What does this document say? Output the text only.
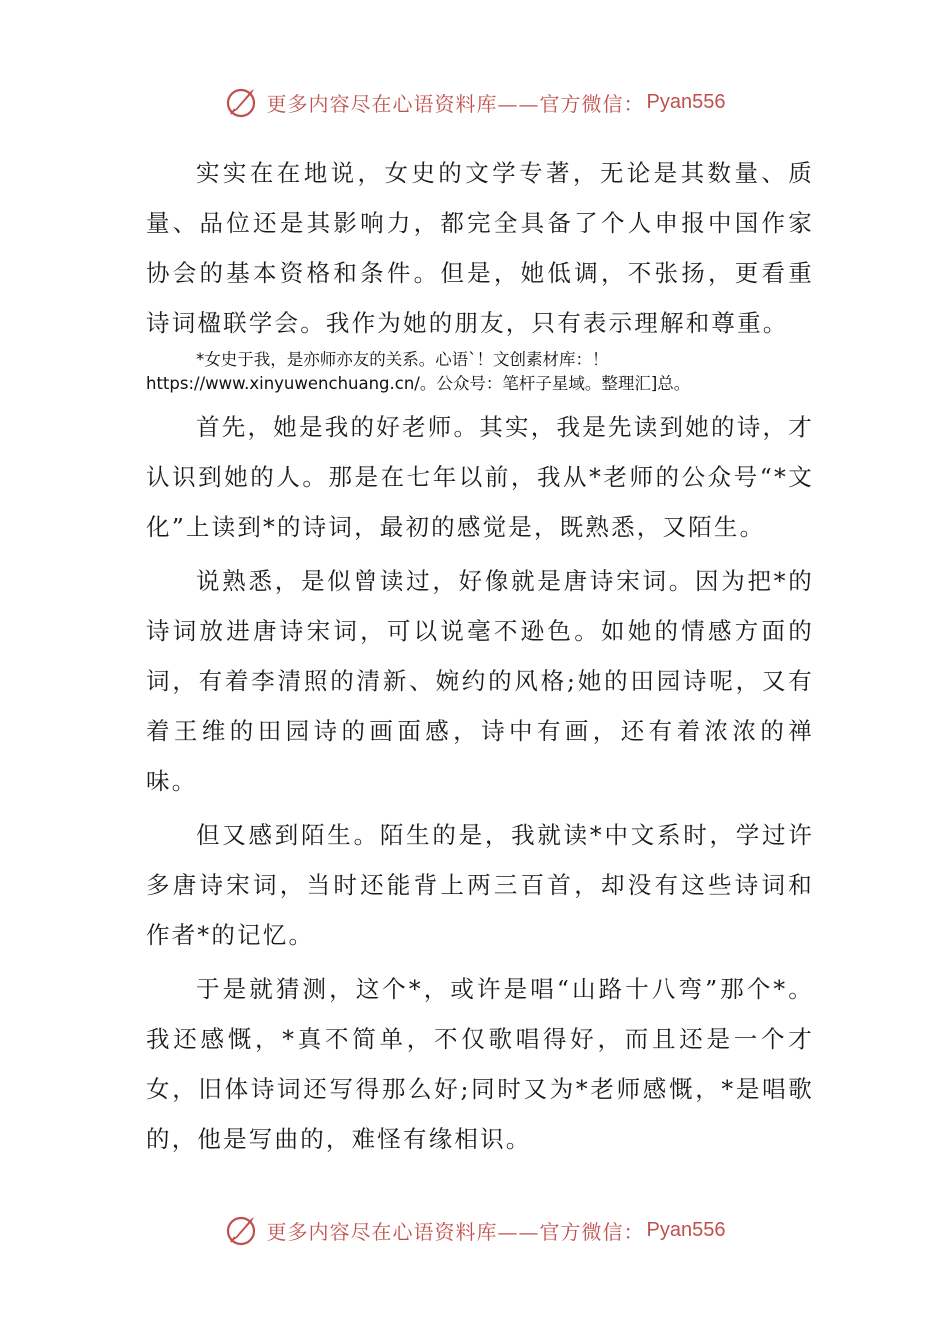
更多内容尽在心语资料库——官方微信： Pyan556

实实在在地说，女史的文学专著，无论是其数量、质量、品位还是其影响力，都完全具备了个人申报中国作家协会的基本资格和条件。但是，她低调，不张扬，更看重诗词楹联学会。我作为她的朋友，只有表示理解和尊重。

*女史于我，是亦师亦友的关系。心语`！文创素材库：！https://www.xinyuwenchuang.cn/。公众号：笔杆子星域。整理汇]总。

首先，她是我的好老师。其实，我是先读到她的诗，才认识到她的人。那是在七年以前，我从*老师的公众号“*文化”上读到*的诗词，最初的感觉是，既熟悉，又陌生。

说熟悉，是似曾读过，好像就是唐诗宋词。因为把*的诗词放进唐诗宋词，可以说毫不逊色。如她的情感方面的词，有着李清照的清新、婉约的风格;她的田园诗呢，又有着王维的田园诗的画面感，诗中有画，还有着浓浓的禅味。

但又感到陌生。陌生的是，我就读*中文系时，学过许多唐诗宋词，当时还能背上两三百首，却没有这些诗词和作者*的记忆。

于是就猜测，这个*，或许是唱“山路十八弯”那个*。我还感慨，*真不简单，不仅歌唱得好，而且还是一个才女，旧体诗词还写得那么好;同时又为*老师感慨，*是唱歌的，他是写曲的，难怪有缘相识。

更多内容尽在心语资料库——官方微信： Pyan556
